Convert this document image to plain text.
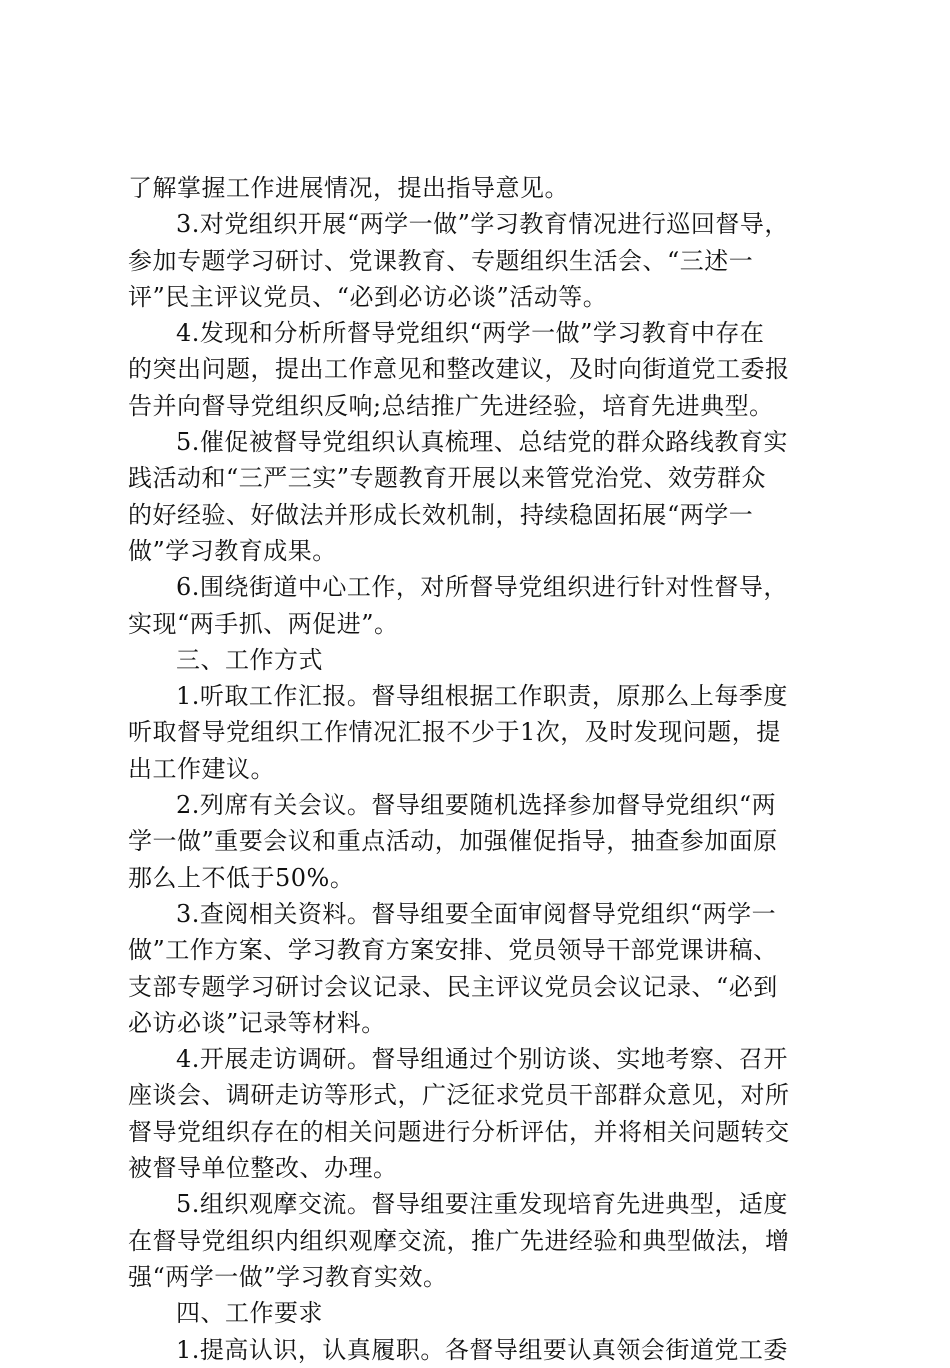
了解掌握工作进展情况，提出指导意见。
3.对党组织开展“两学一做”学习教育情况进行巡回督导，
参加专题学习研讨、党课教育、专题组织生活会、“三述一
评”民主评议党员、“必到必访必谈”活动等。
4.发现和分析所督导党组织“两学一做”学习教育中存在
的突出问题，提出工作意见和整改建议，及时向街道党工委报
告并向督导党组织反响;总结推广先进经验，培育先进典型。
5.催促被督导党组织认真梳理、总结党的群众路线教育实
践活动和“三严三实”专题教育开展以来管党治党、效劳群众
的好经验、好做法并形成长效机制，持续稳固拓展“两学一
做”学习教育成果。
6.围绕街道中心工作，对所督导党组织进行针对性督导，
实现“两手抓、两促进”。
三、工作方式
1.听取工作汇报。督导组根据工作职责，原那么上每季度
听取督导党组织工作情况汇报不少于1次，及时发现问题，提
出工作建议。
2.列席有关会议。督导组要随机选择参加督导党组织“两
学一做”重要会议和重点活动，加强催促指导，抽查参加面原
那么上不低于50%。
3.查阅相关资料。督导组要全面审阅督导党组织“两学一
做”工作方案、学习教育方案安排、党员领导干部党课讲稿、
支部专题学习研讨会议记录、民主评议党员会议记录、“必到
必访必谈”记录等材料。
4.开展走访调研。督导组通过个别访谈、实地考察、召开
座谈会、调研走访等形式，广泛征求党员干部群众意见，对所
督导党组织存在的相关问题进行分析评估，并将相关问题转交
被督导单位整改、办理。
5.组织观摩交流。督导组要注重发现培育先进典型，适度
在督导党组织内组织观摩交流，推广先进经验和典型做法，增
强“两学一做”学习教育实效。
四、工作要求
1.提高认识，认真履职。各督导组要认真领会街道党工委
